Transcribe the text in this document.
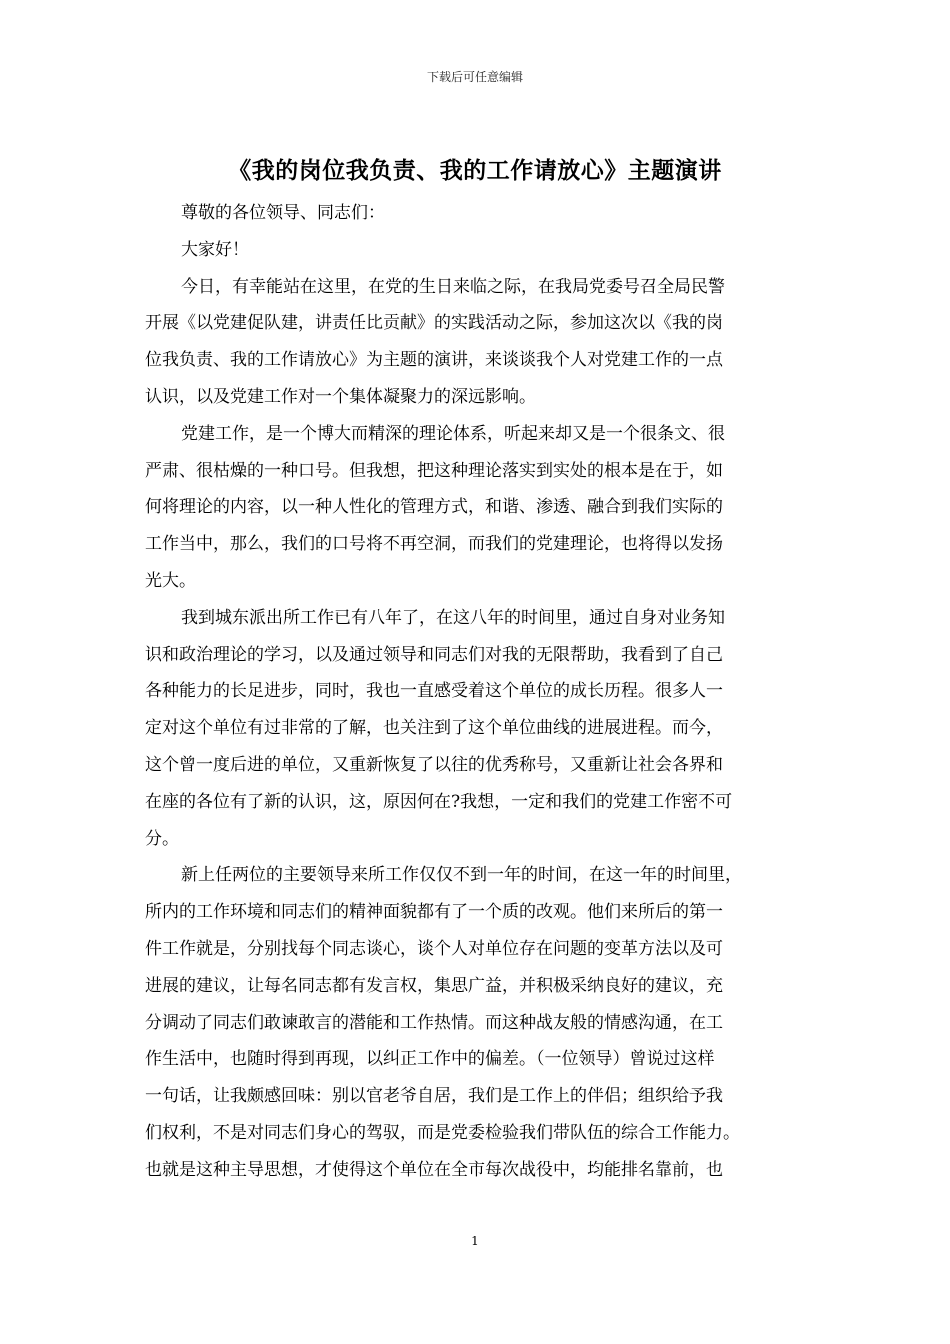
下载后可任意编辑
《我的岗位我负责、我的工作请放心》主题演讲
尊敬的各位领导、同志们：
大家好！
今日，有幸能站在这里，在党的生日来临之际，在我局党委号召全局民警
开展《以党建促队建，讲责任比贡献》的实践活动之际，参加这次以《我的岗
位我负责、我的工作请放心》为主题的演讲，来谈谈我个人对党建工作的一点
认识，以及党建工作对一个集体凝聚力的深远影响。
党建工作，是一个博大而精深的理论体系，听起来却又是一个很条文、很
严肃、很枯燥的一种口号。但我想，把这种理论落实到实处的根本是在于，如
何将理论的内容，以一种人性化的管理方式，和谐、渗透、融合到我们实际的
工作当中，那么，我们的口号将不再空洞，而我们的党建理论，也将得以发扬
光大。
我到城东派出所工作已有八年了，在这八年的时间里，通过自身对业务知
识和政治理论的学习，以及通过领导和同志们对我的无限帮助，我看到了自己
各种能力的长足进步，同时，我也一直感受着这个单位的成长历程。很多人一
定对这个单位有过非常的了解，也关注到了这个单位曲线的进展进程。而今，
这个曾一度后进的单位，又重新恢复了以往的优秀称号，又重新让社会各界和
在座的各位有了新的认识，这，原因何在?我想，一定和我们的党建工作密不可
分。
新上任两位的主要领导来所工作仅仅不到一年的时间，在这一年的时间里，
所内的工作环境和同志们的精神面貌都有了一个质的改观。他们来所后的第一
件工作就是，分别找每个同志谈心，谈个人对单位存在问题的变革方法以及可
进展的建议，让每名同志都有发言权，集思广益，并积极采纳良好的建议，充
分调动了同志们敢谏敢言的潜能和工作热情。而这种战友般的情感沟通，在工
作生活中，也随时得到再现，以纠正工作中的偏差。（一位领导）曾说过这样
一句话，让我颇感回味：别以官老爷自居，我们是工作上的伴侣；组织给予我
们权利，不是对同志们身心的驾驭，而是党委检验我们带队伍的综合工作能力。
也就是这种主导思想，才使得这个单位在全市每次战役中，均能排名靠前，也
1
